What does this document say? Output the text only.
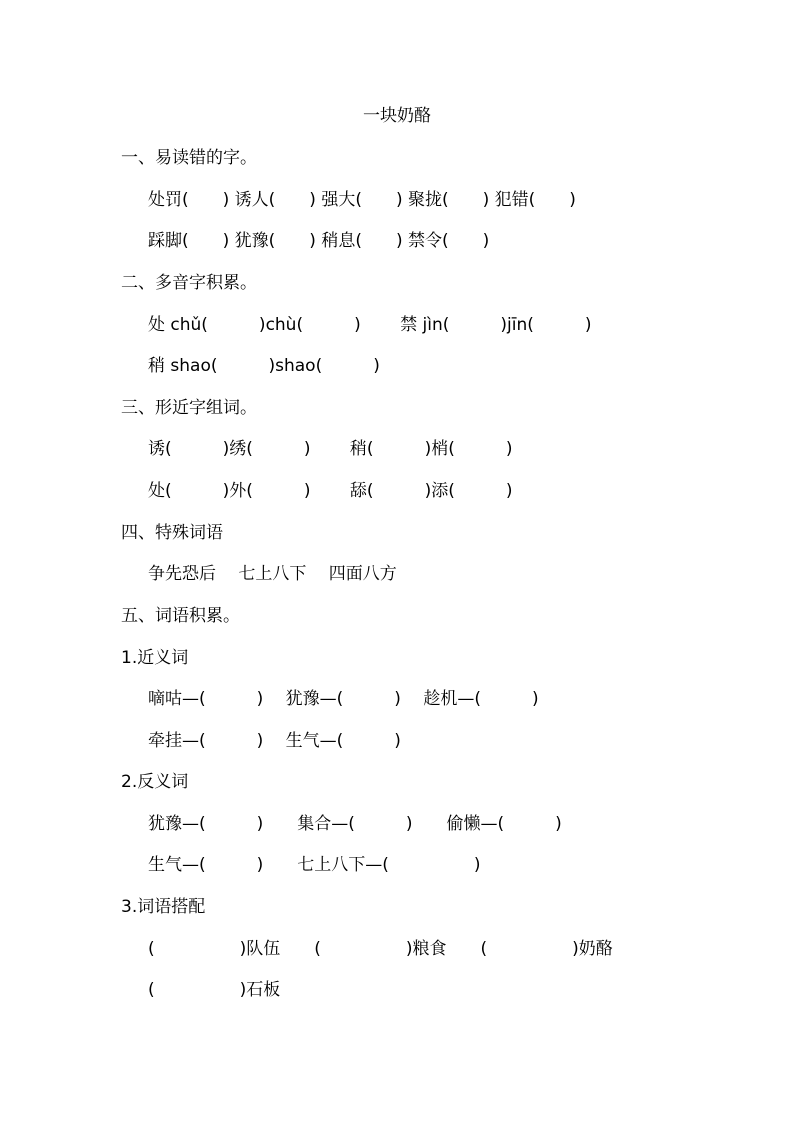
一块奶酪
一、易读错的字。
处罚(　　) 诱人(　　) 强大(　　) 聚拢(　　) 犯错(　　)
踩脚(　　) 犹豫(　　) 稍息(　　) 禁令(　　)
二、多音字积累。
处 chǔ(　　　)chù(　　　)　　 禁 jìn(　　　)jīn(　　　)
稍 shao(　　　)shao(　　　)
三、形近字组词。
诱(　　　)绣(　　　)　　 稍(　　　)梢(　　　)
处(　　　)外(　　　)　　 舔(　　　)添(　　　)
四、特殊词语
争先恐后　 七上八下　 四面八方
五、词语积累。
1.近义词
嘀咕—(　　　)　 犹豫—(　　　)　 趁机—(　　　)
牵挂—(　　　)　 生气—(　　　)
2.反义词
犹豫—(　　　)　　集合—(　　　)　　偷懒—(　　　)
生气—(　　　)　　七上八下—(　　　　　)
3.词语搭配
(　　　　　)队伍　　(　　　　　)粮食　　(　　　　　)奶酪
(　　　　　)石板
